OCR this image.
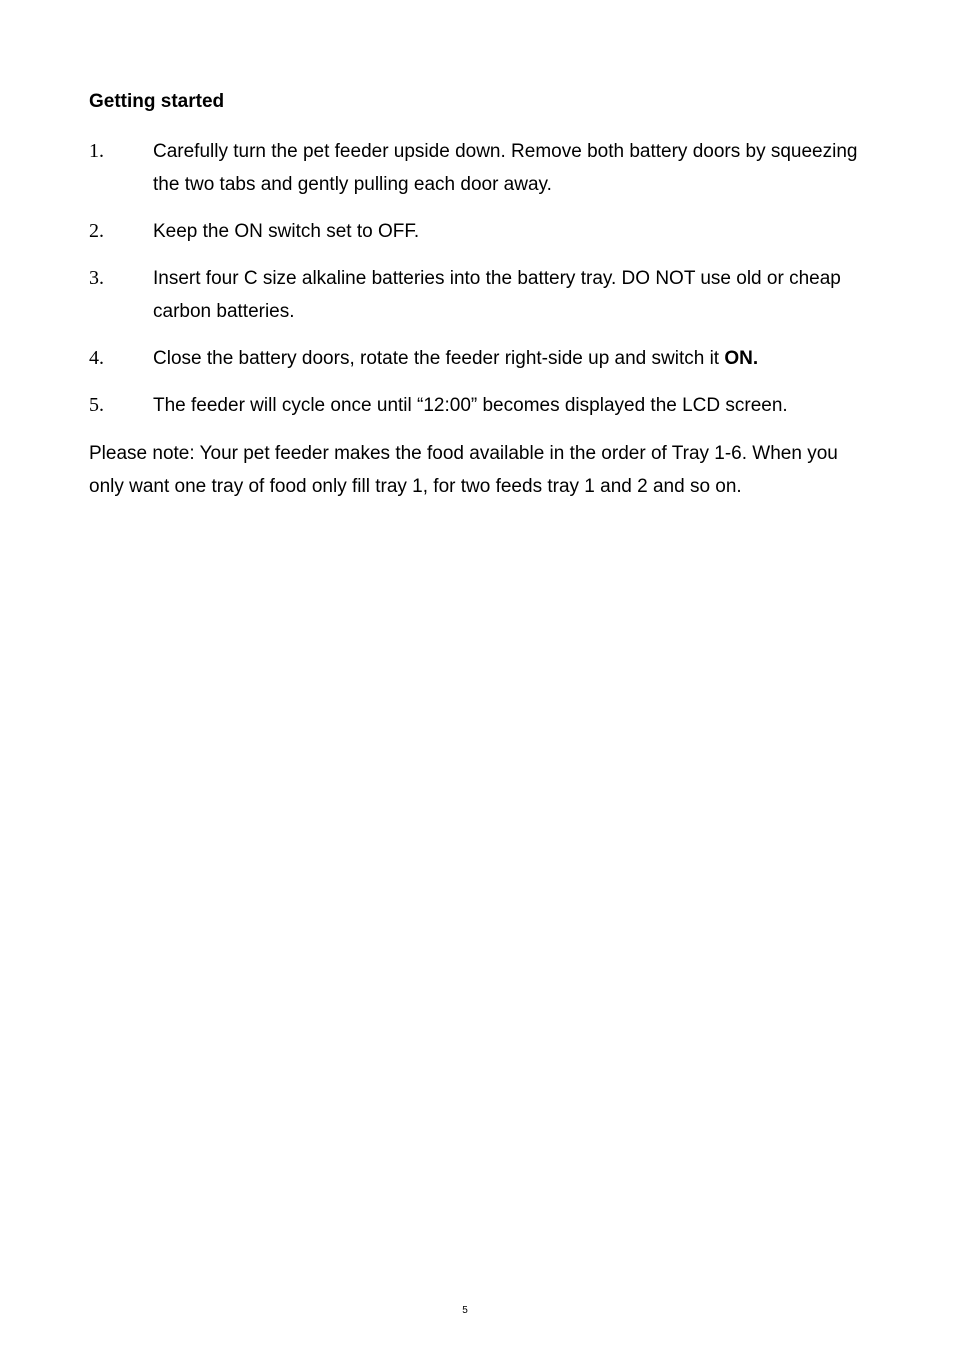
Getting started
1.	Carefully turn the pet feeder upside down. Remove both battery doors by squeezing the two tabs and gently pulling each door away.
2.	Keep the ON switch set to OFF.
3.	Insert four C size alkaline batteries into the battery tray. DO NOT use old or cheap carbon batteries.
4.	Close the battery doors, rotate the feeder right-side up and switch it ON.
5.	The feeder will cycle once until “12:00” becomes displayed the LCD screen.

Please note: Your pet feeder makes the food available in the order of Tray 1-6. When you only want one tray of food only fill tray 1, for two feeds tray 1 and 2 and so on.

5
